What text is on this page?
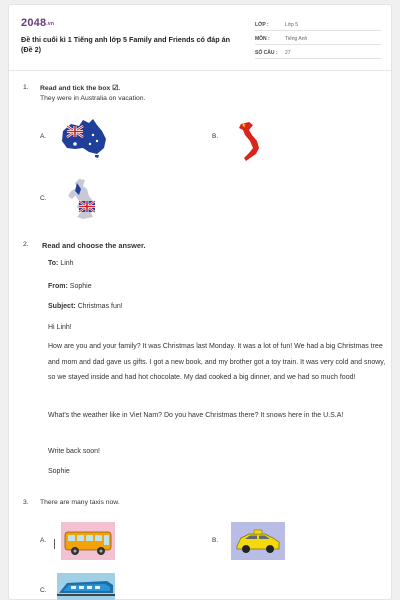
2048.vn
Đề thi cuối kì 1 Tiếng anh lớp 5 Family and Friends có đáp án (Đề 2)
LỚP :	Lớp 5
MÔN :	Tiếng Anh
SỐ CÂU : 27
1. Read and tick the box ☑.
They were in Australia on vacation.
A.	B.
C.
2. Read and choose the answer.
To: Linh
From: Sophie
Subject: Christmas fun!
Hi Linh!
How are you and your family? It was Christmas last Monday. It was a lot of fun! We had a big Christmas tree and mom and dad gave us gifts. I got a new book, and my brother got a toy train. It was very cold and snowy, so we stayed inside and had hot chocolate. My dad cooked a big dinner, and we had so much food!
What's the weather like in Viet Nam? Do you have Christmas there? It snows here in the U.S.A!
Write back soon!
Sophie
3. There are many taxis now.
A.	B.
C.
